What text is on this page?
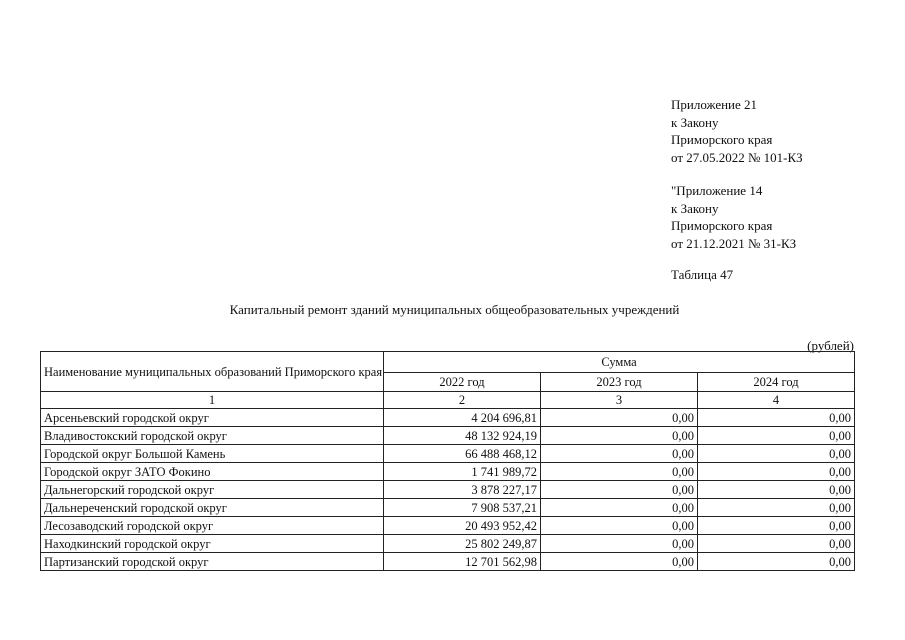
Приложение 21
к Закону
Приморского края
от 27.05.2022 № 101-КЗ
"Приложение 14
к Закону
Приморского края
от 21.12.2021 № 31-КЗ
Таблица 47
Капитальный ремонт зданий муниципальных общеобразовательных учреждений
(рублей)
Наименование муниципальных образований Приморского края	Сумма		
	2022 год	2023 год	2024 год
1	2	3	4
Арсеньевский городской округ	4 204 696,81	0,00	0,00
Владивостокский городской округ	48 132 924,19	0,00	0,00
Городской округ Большой Камень	66 488 468,12	0,00	0,00
Городской округ ЗАТО Фокино	1 741 989,72	0,00	0,00
Дальнегорский городской округ	3 878 227,17	0,00	0,00
Дальнереченский городской округ	7 908 537,21	0,00	0,00
Лесозаводский городской округ	20 493 952,42	0,00	0,00
Находкинский городской округ	25 802 249,87	0,00	0,00
Партизанский городской округ	12 701 562,98	0,00	0,00
